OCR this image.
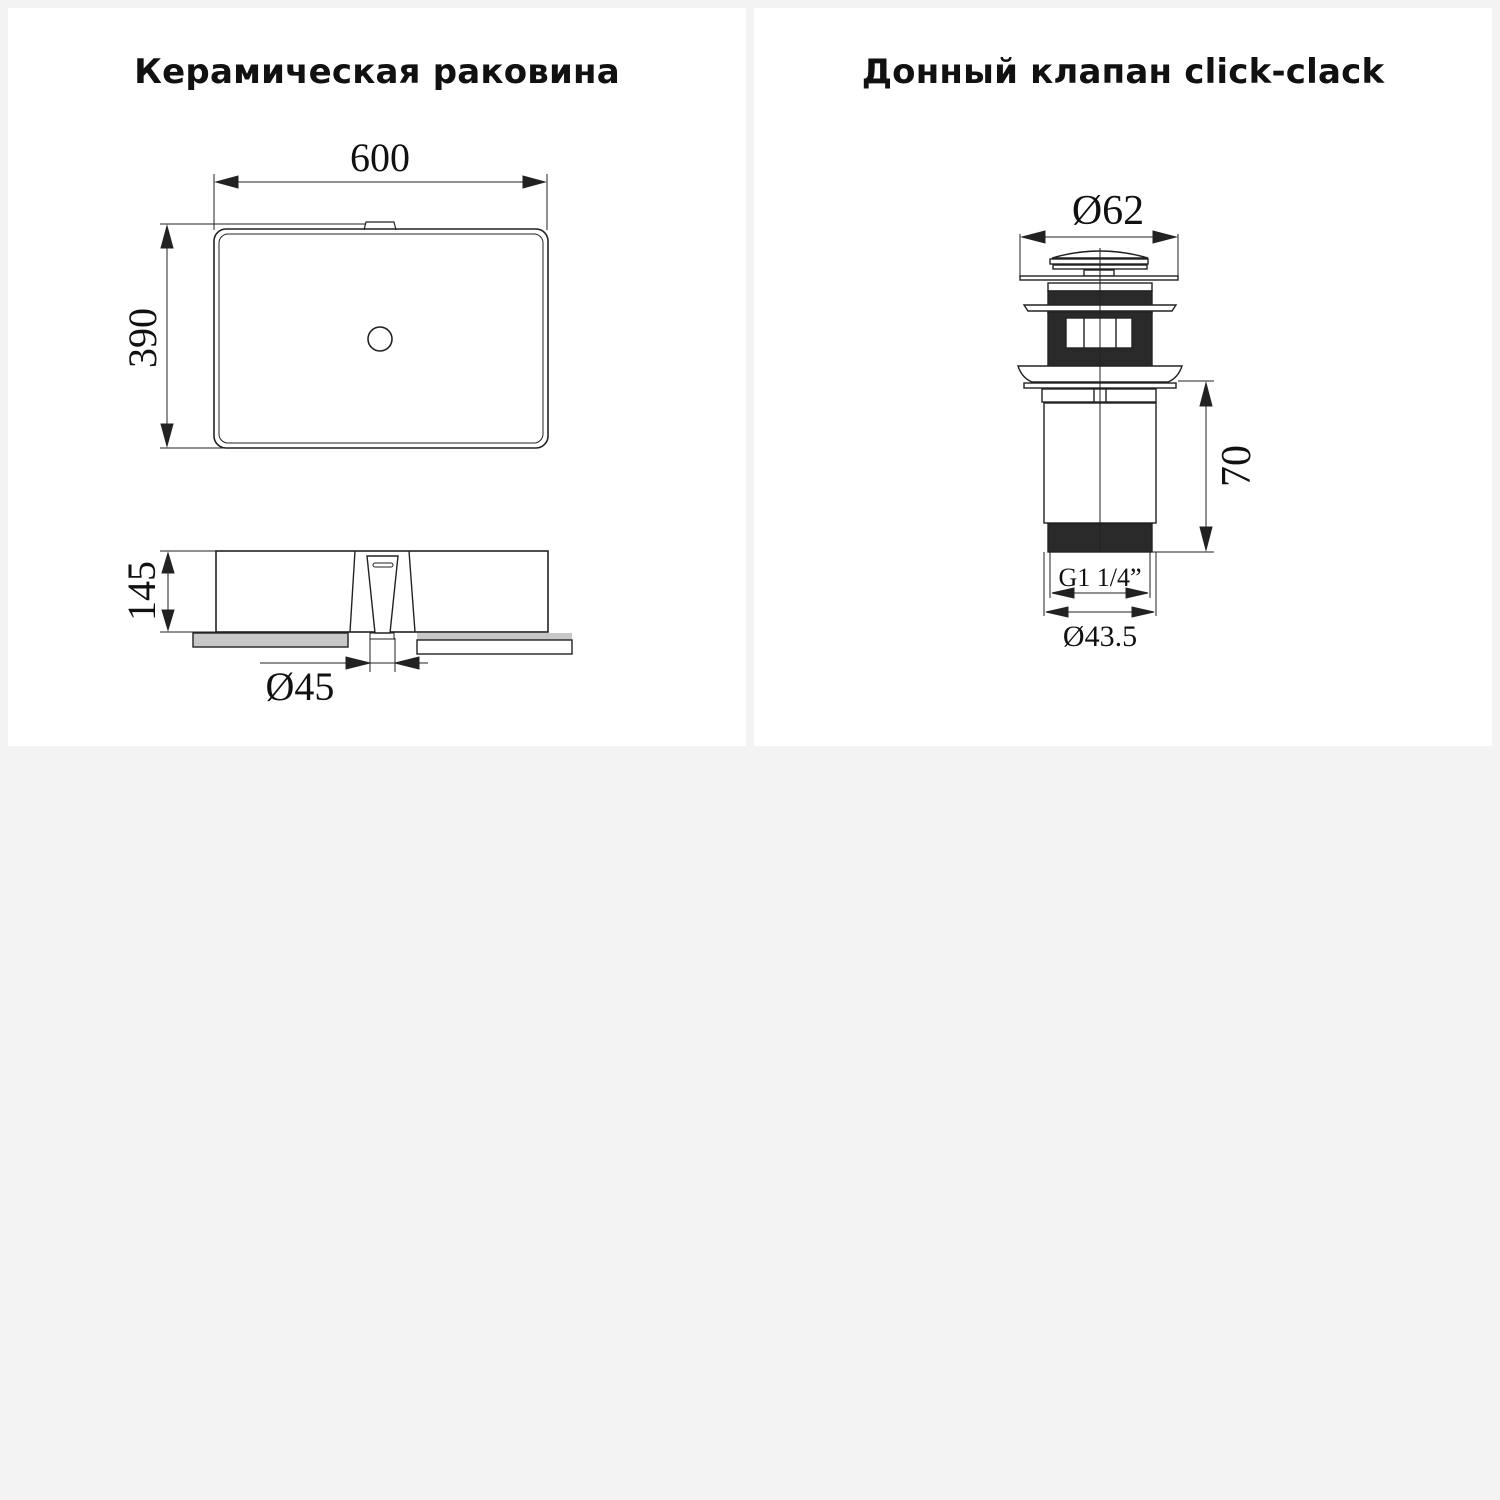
Керамическая раковина
600
390
145
Ø45
Донный клапан click-clack
Ø62
70
G1 1/4”
Ø43.5
